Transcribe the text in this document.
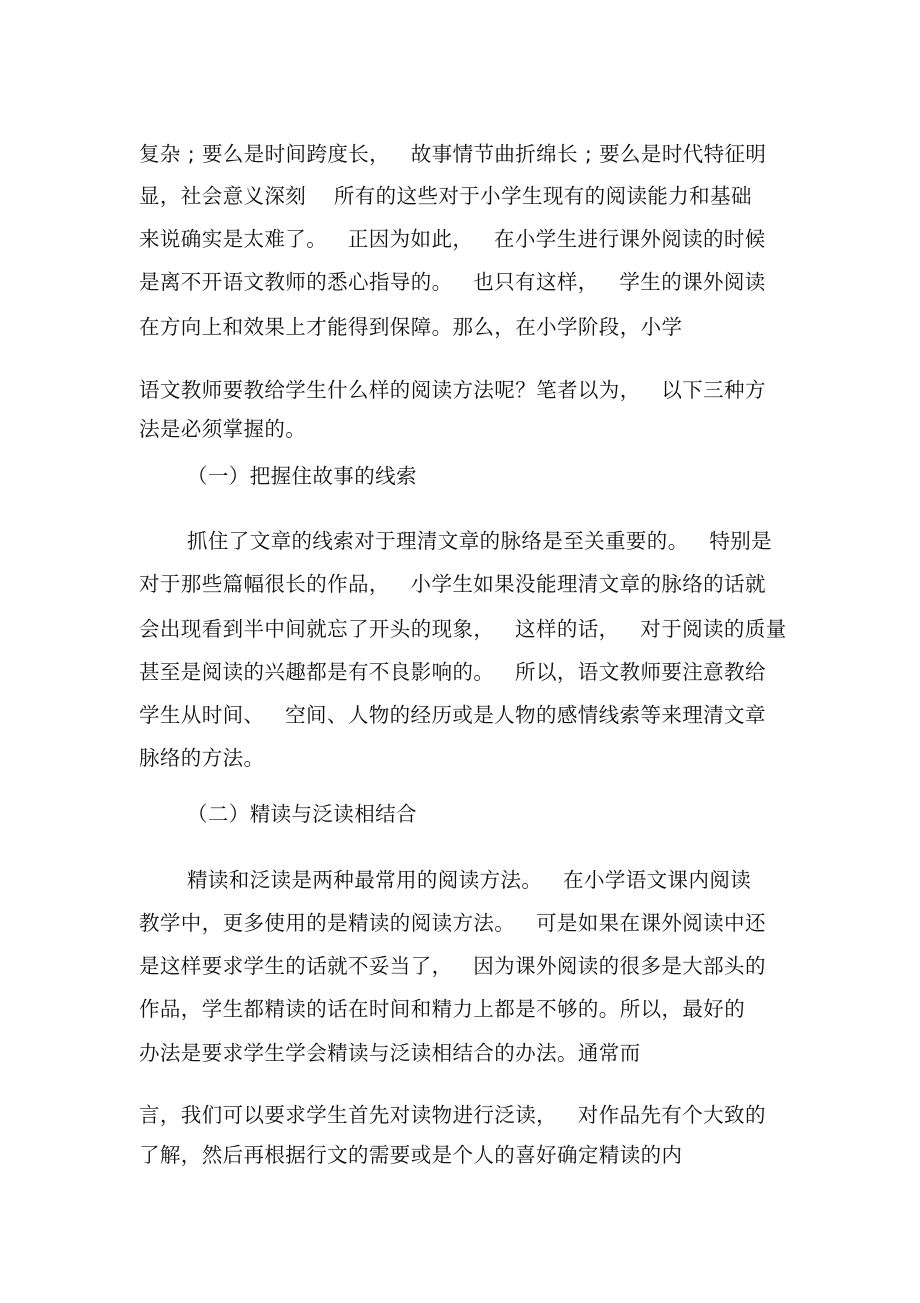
复杂 ; 要么是时间跨度长，   故事情节曲折绵长 ; 要么是时代特征明
显，社会意义深刻    所有的这些对于小学生现有的阅读能力和基础
来说确实是太难了。   正因为如此，   在小学生进行课外阅读的时候
是离不开语文教师的悉心指导的。   也只有这样，   学生的课外阅读
在方向上和效果上才能得到保障。那么，在小学阶段，小学
语文教师要教给学生什么样的阅读方法呢？笔者以为，   以下三种方
法是必须掌握的。
（一）把握住故事的线索
抓住了文章的线索对于理清文章的脉络是至关重要的。   特别是
对于那些篇幅很长的作品，   小学生如果没能理清文章的脉络的话就
会出现看到半中间就忘了开头的现象，   这样的话，   对于阅读的质量
甚至是阅读的兴趣都是有不良影响的。   所以，语文教师要注意教给
学生从时间、   空间、人物的经历或是人物的感情线索等来理清文章
脉络的方法。
（二）精读与泛读相结合
精读和泛读是两种最常用的阅读方法。   在小学语文课内阅读
教学中，更多使用的是精读的阅读方法。   可是如果在课外阅读中还
是这样要求学生的话就不妥当了，   因为课外阅读的很多是大部头的
作品，学生都精读的话在时间和精力上都是不够的。所以，最好的
办法是要求学生学会精读与泛读相结合的办法。通常而
言，我们可以要求学生首先对读物进行泛读，   对作品先有个大致的
了解，然后再根据行文的需要或是个人的喜好确定精读的内
